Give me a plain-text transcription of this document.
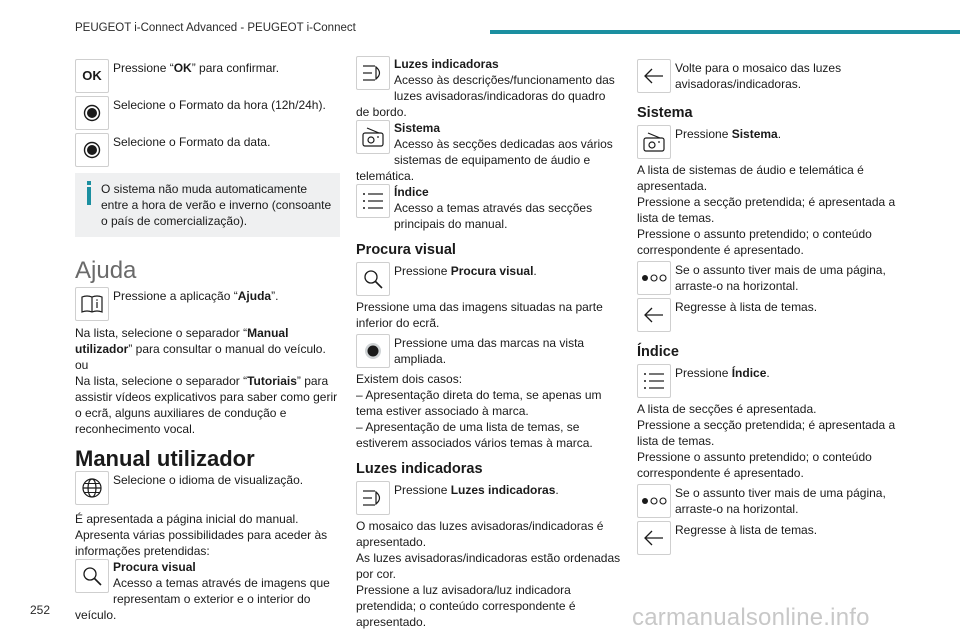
PEUGEOT i-Connect Advanced - PEUGEOT i-Connect
OK Pressione “OK” para confirmar.
Selecione o Formato da hora (12h/24h).
Selecione o Formato da data.
O sistema não muda automaticamente entre a hora de verão e inverno (consoante o país de comercialização).
Ajuda
Pressione a aplicação “Ajuda”.

Na lista, selecione o separador “Manual utilizador” para consultar o manual do veículo.

ou

Na lista, selecione o separador “Tutoriais” para assistir vídeos explicativos para saber como gerir o ecrã, alguns auxiliares de condução e reconhecimento vocal.

Manual utilizador
Selecione o idioma de visualização.

É apresentada a página inicial do manual.

Apresenta várias possibilidades para aceder às informações pretendidas:

Procura visual
Acesso a temas através de imagens que representam o exterior e o interior do veículo.
Luzes indicadoras
Acesso às descrições/funcionamento das luzes avisadoras/indicadoras do quadro de bordo.
Sistema
Acesso às secções dedicadas aos vários sistemas de equipamento de áudio e telemática.
Índice
Acesso a temas através das secções principais do manual.
Procura visual
Pressione Procura visual.

Pressione uma das imagens situadas na parte inferior do ecrã.

Pressione uma das marcas na vista ampliada.

Existem dois casos:

– Apresentação direta do tema, se apenas um tema estiver associado à marca.

– Apresentação de uma lista de temas, se estiverem associados vários temas à marca.

Luzes indicadoras
Pressione Luzes indicadoras.

O mosaico das luzes avisadoras/indicadoras é apresentado.

As luzes avisadoras/indicadoras estão ordenadas por cor.

Pressione a luz avisadora/luz indicadora pretendida; o conteúdo correspondente é apresentado.

Volte para o mosaico das luzes avisadoras/indicadoras.
Sistema
Pressione Sistema.

A lista de sistemas de áudio e telemática é apresentada.

Pressione a secção pretendida; é apresentada a lista de temas.

Pressione o assunto pretendido; o conteúdo correspondente é apresentado.

Se o assunto tiver mais de uma página, arraste-o na horizontal.
Regresse à lista de temas.
Índice
Pressione Índice.

A lista de secções é apresentada.

Pressione a secção pretendida; é apresentada a lista de temas.

Pressione o assunto pretendido; o conteúdo correspondente é apresentado.

Se o assunto tiver mais de uma página, arraste-o na horizontal.
Regresse à lista de temas.
252	carmanualsonline.info
